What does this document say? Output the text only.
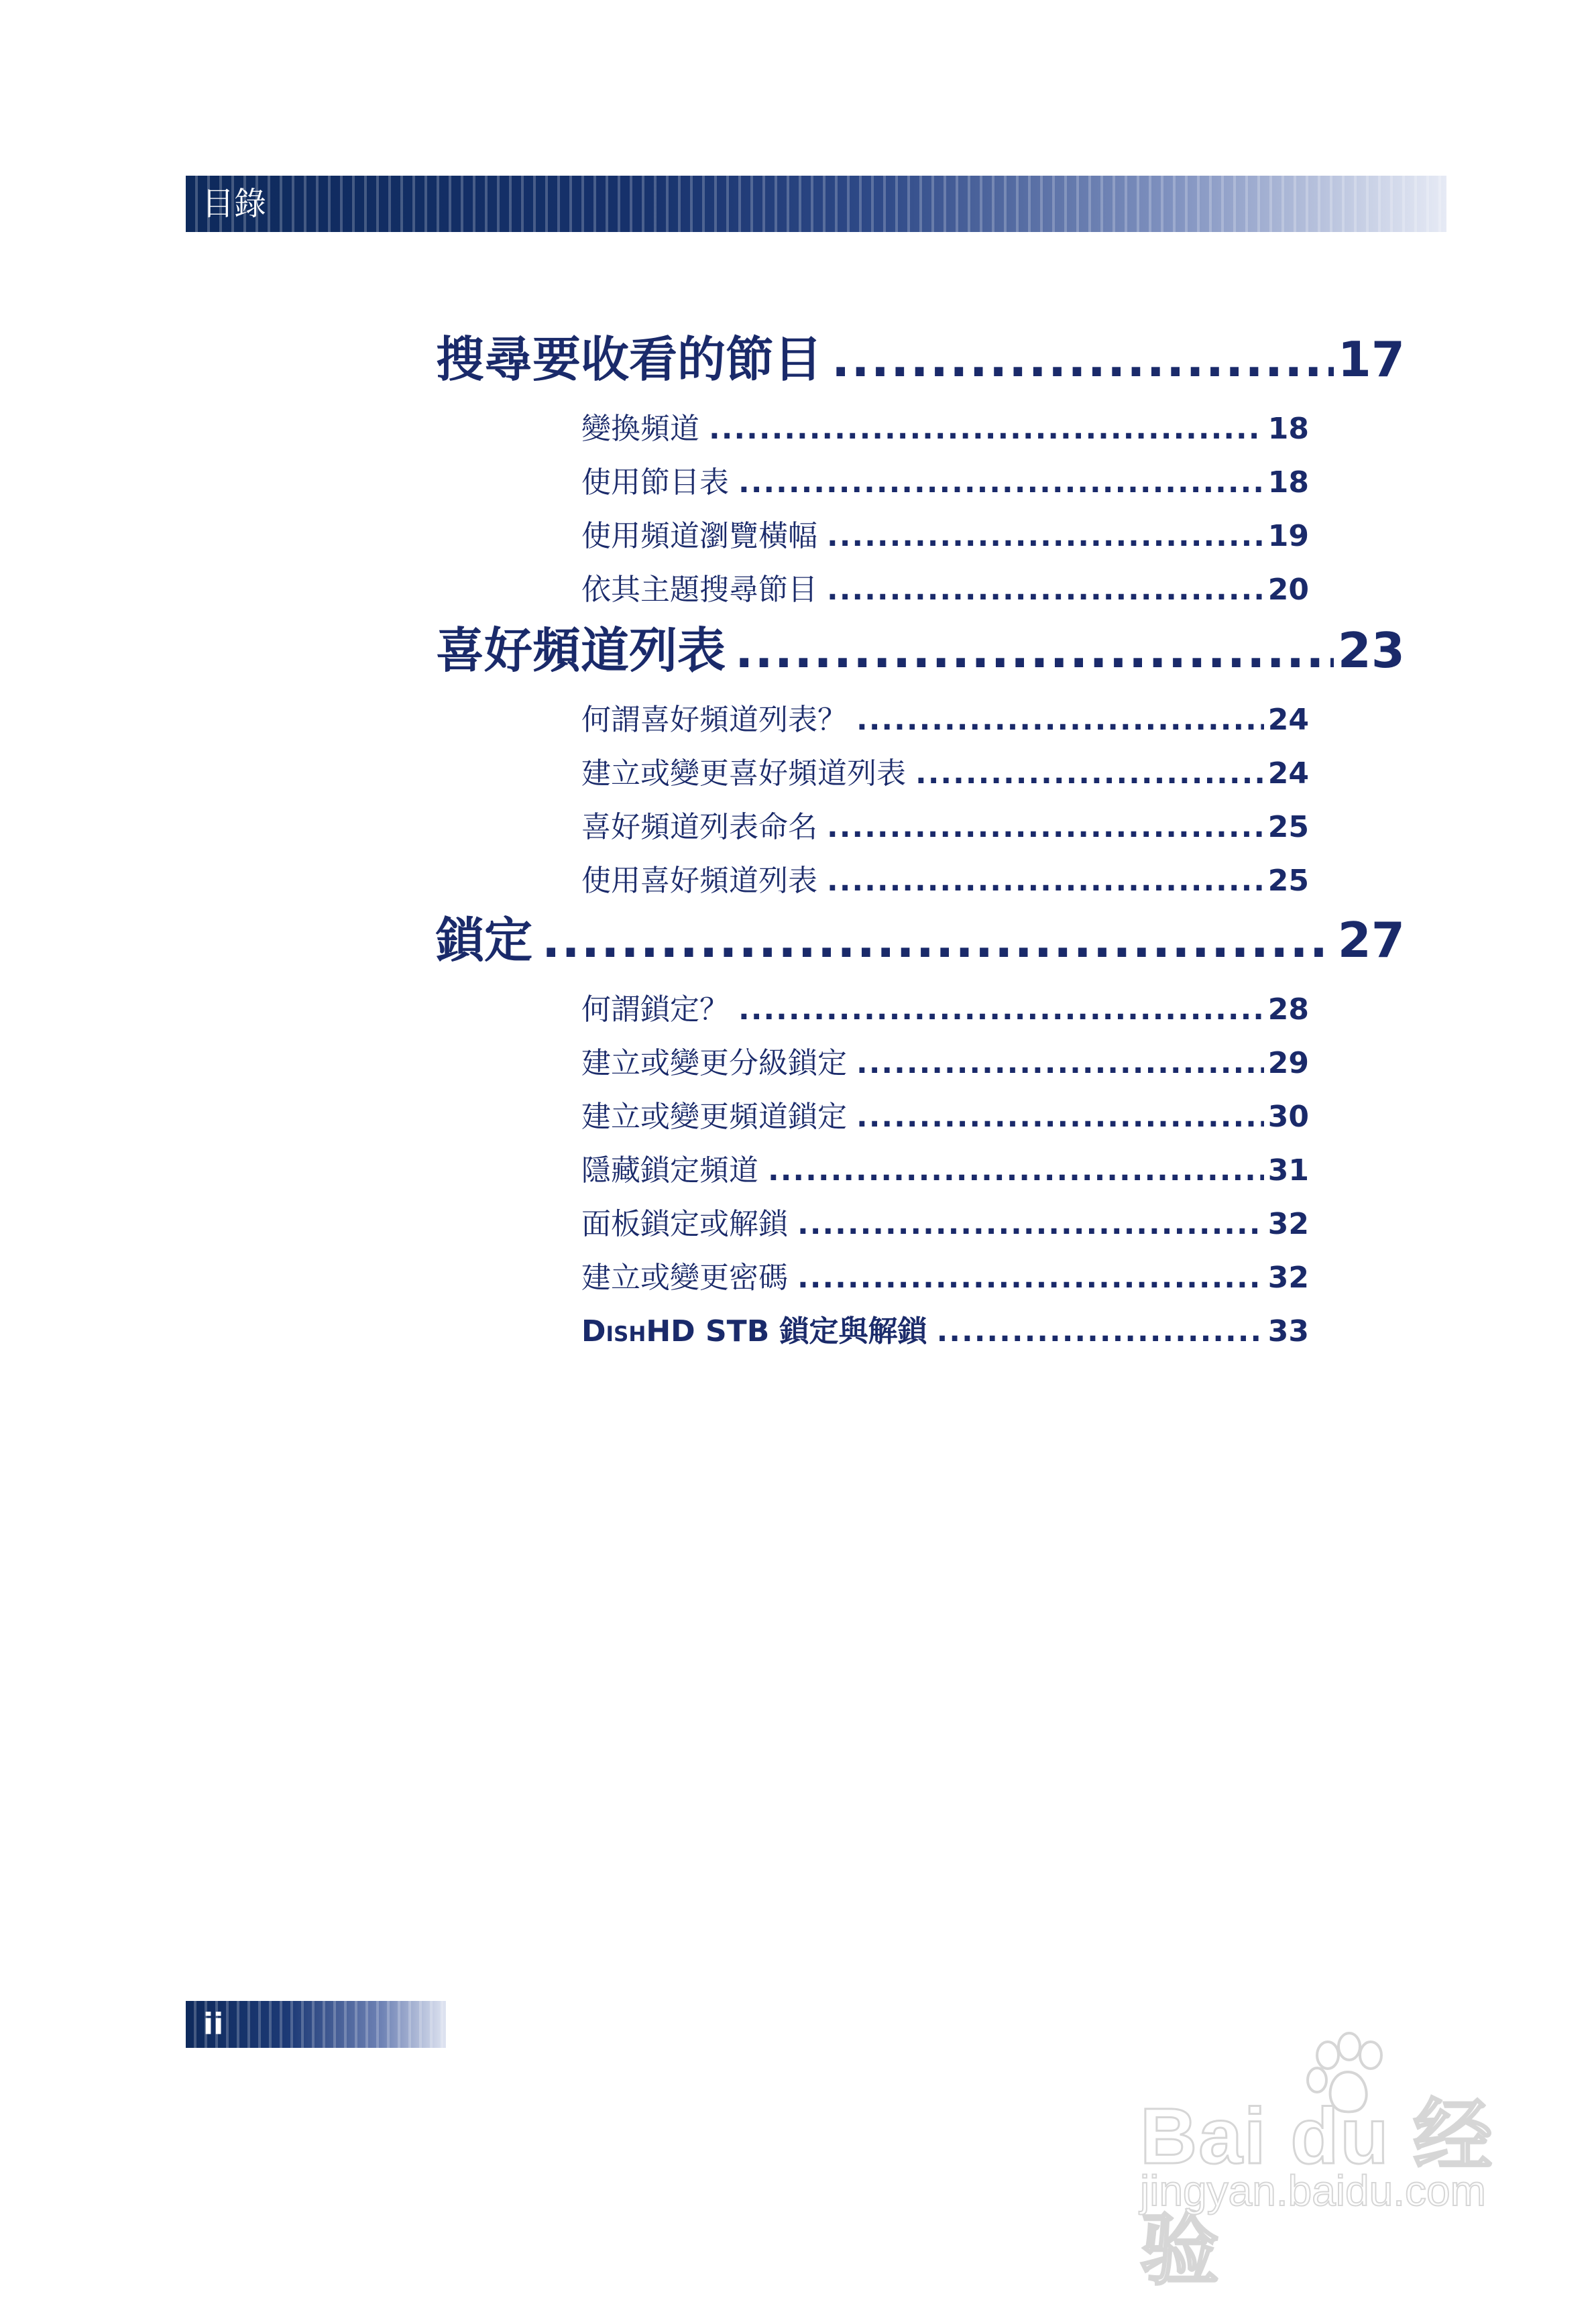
目錄
搜尋要收看的節目 .....	17
變換頻道 .....	18
使用節目表 .....	18
使用頻道瀏覽橫幅 .....	19
依其主題搜尋節目 .....	20
喜好頻道列表 .....	23
何謂喜好頻道列表？ .....	24
建立或變更喜好頻道列表 .....	24
喜好頻道列表命名 .....	25
使用喜好頻道列表 .....	25
鎖定 .....	27
何謂鎖定？ .....	28
建立或變更分級鎖定 .....	29
建立或變更頻道鎖定 .....	30
隱藏鎖定頻道 .....	31
面板鎖定或解鎖 .....	32
建立或變更密碼 .....	32
DishHD STB 鎖定與解鎖 .....	33
ii
Bai du 经验
jingyan.baidu.com
